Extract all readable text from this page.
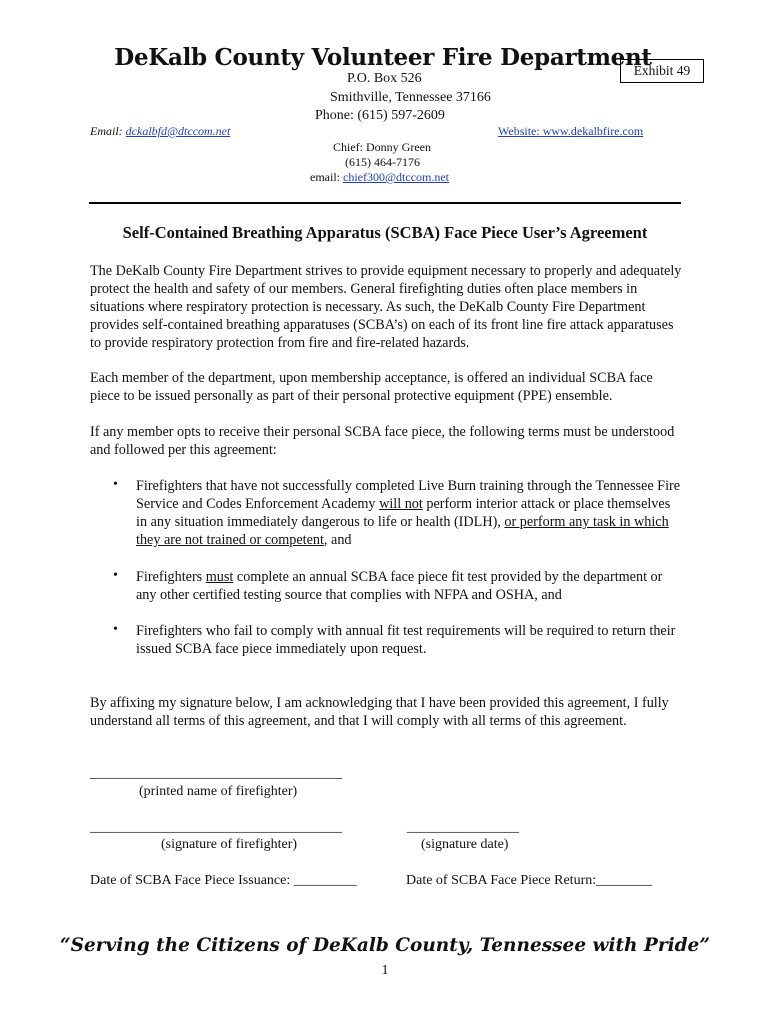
DeKalb County Volunteer Fire Department
Exhibit 49
P.O. Box 526
Smithville, Tennessee 37166
Phone: (615) 597-2609
Email: dckalbfd@dtccom.net	Website: www.dekalbfire.com
Chief: Donny Green
(615) 464-7176
email: chief300@dtccom.net
Self-Contained Breathing Apparatus (SCBA) Face Piece User’s Agreement
The DeKalb County Fire Department strives to provide equipment necessary to properly and adequately protect the health and safety of our members. General firefighting duties often place members in situations where respiratory protection is necessary. As such, the DeKalb County Fire Department provides self-contained breathing apparatuses (SCBA’s) on each of its front line fire attack apparatuses to provide respiratory protection from fire and fire-related hazards.
Each member of the department, upon membership acceptance, is offered an individual SCBA face piece to be issued personally as part of their personal protective equipment (PPE) ensemble.
If any member opts to receive their personal SCBA face piece, the following terms must be understood and followed per this agreement:
• Firefighters that have not successfully completed Live Burn training through the Tennessee Fire Service and Codes Enforcement Academy will not perform interior attack or place themselves in any situation immediately dangerous to life or health (IDLH), or perform any task in which they are not trained or competent, and
• Firefighters must complete an annual SCBA face piece fit test provided by the department or any other certified testing source that complies with NFPA and OSHA, and
• Firefighters who fail to comply with annual fit test requirements will be required to return their issued SCBA face piece immediately upon request.
By affixing my signature below, I am acknowledging that I have been provided this agreement, I fully understand all terms of this agreement, and that I will comply with all terms of this agreement.
____________________________________
(printed name of firefighter)
____________________________________
(signature of firefighter)
________________
(signature date)
Date of SCBA Face Piece Issuance: _________	Date of SCBA Face Piece Return:________
“Serving the Citizens of DeKalb County, Tennessee with Pride”
1
